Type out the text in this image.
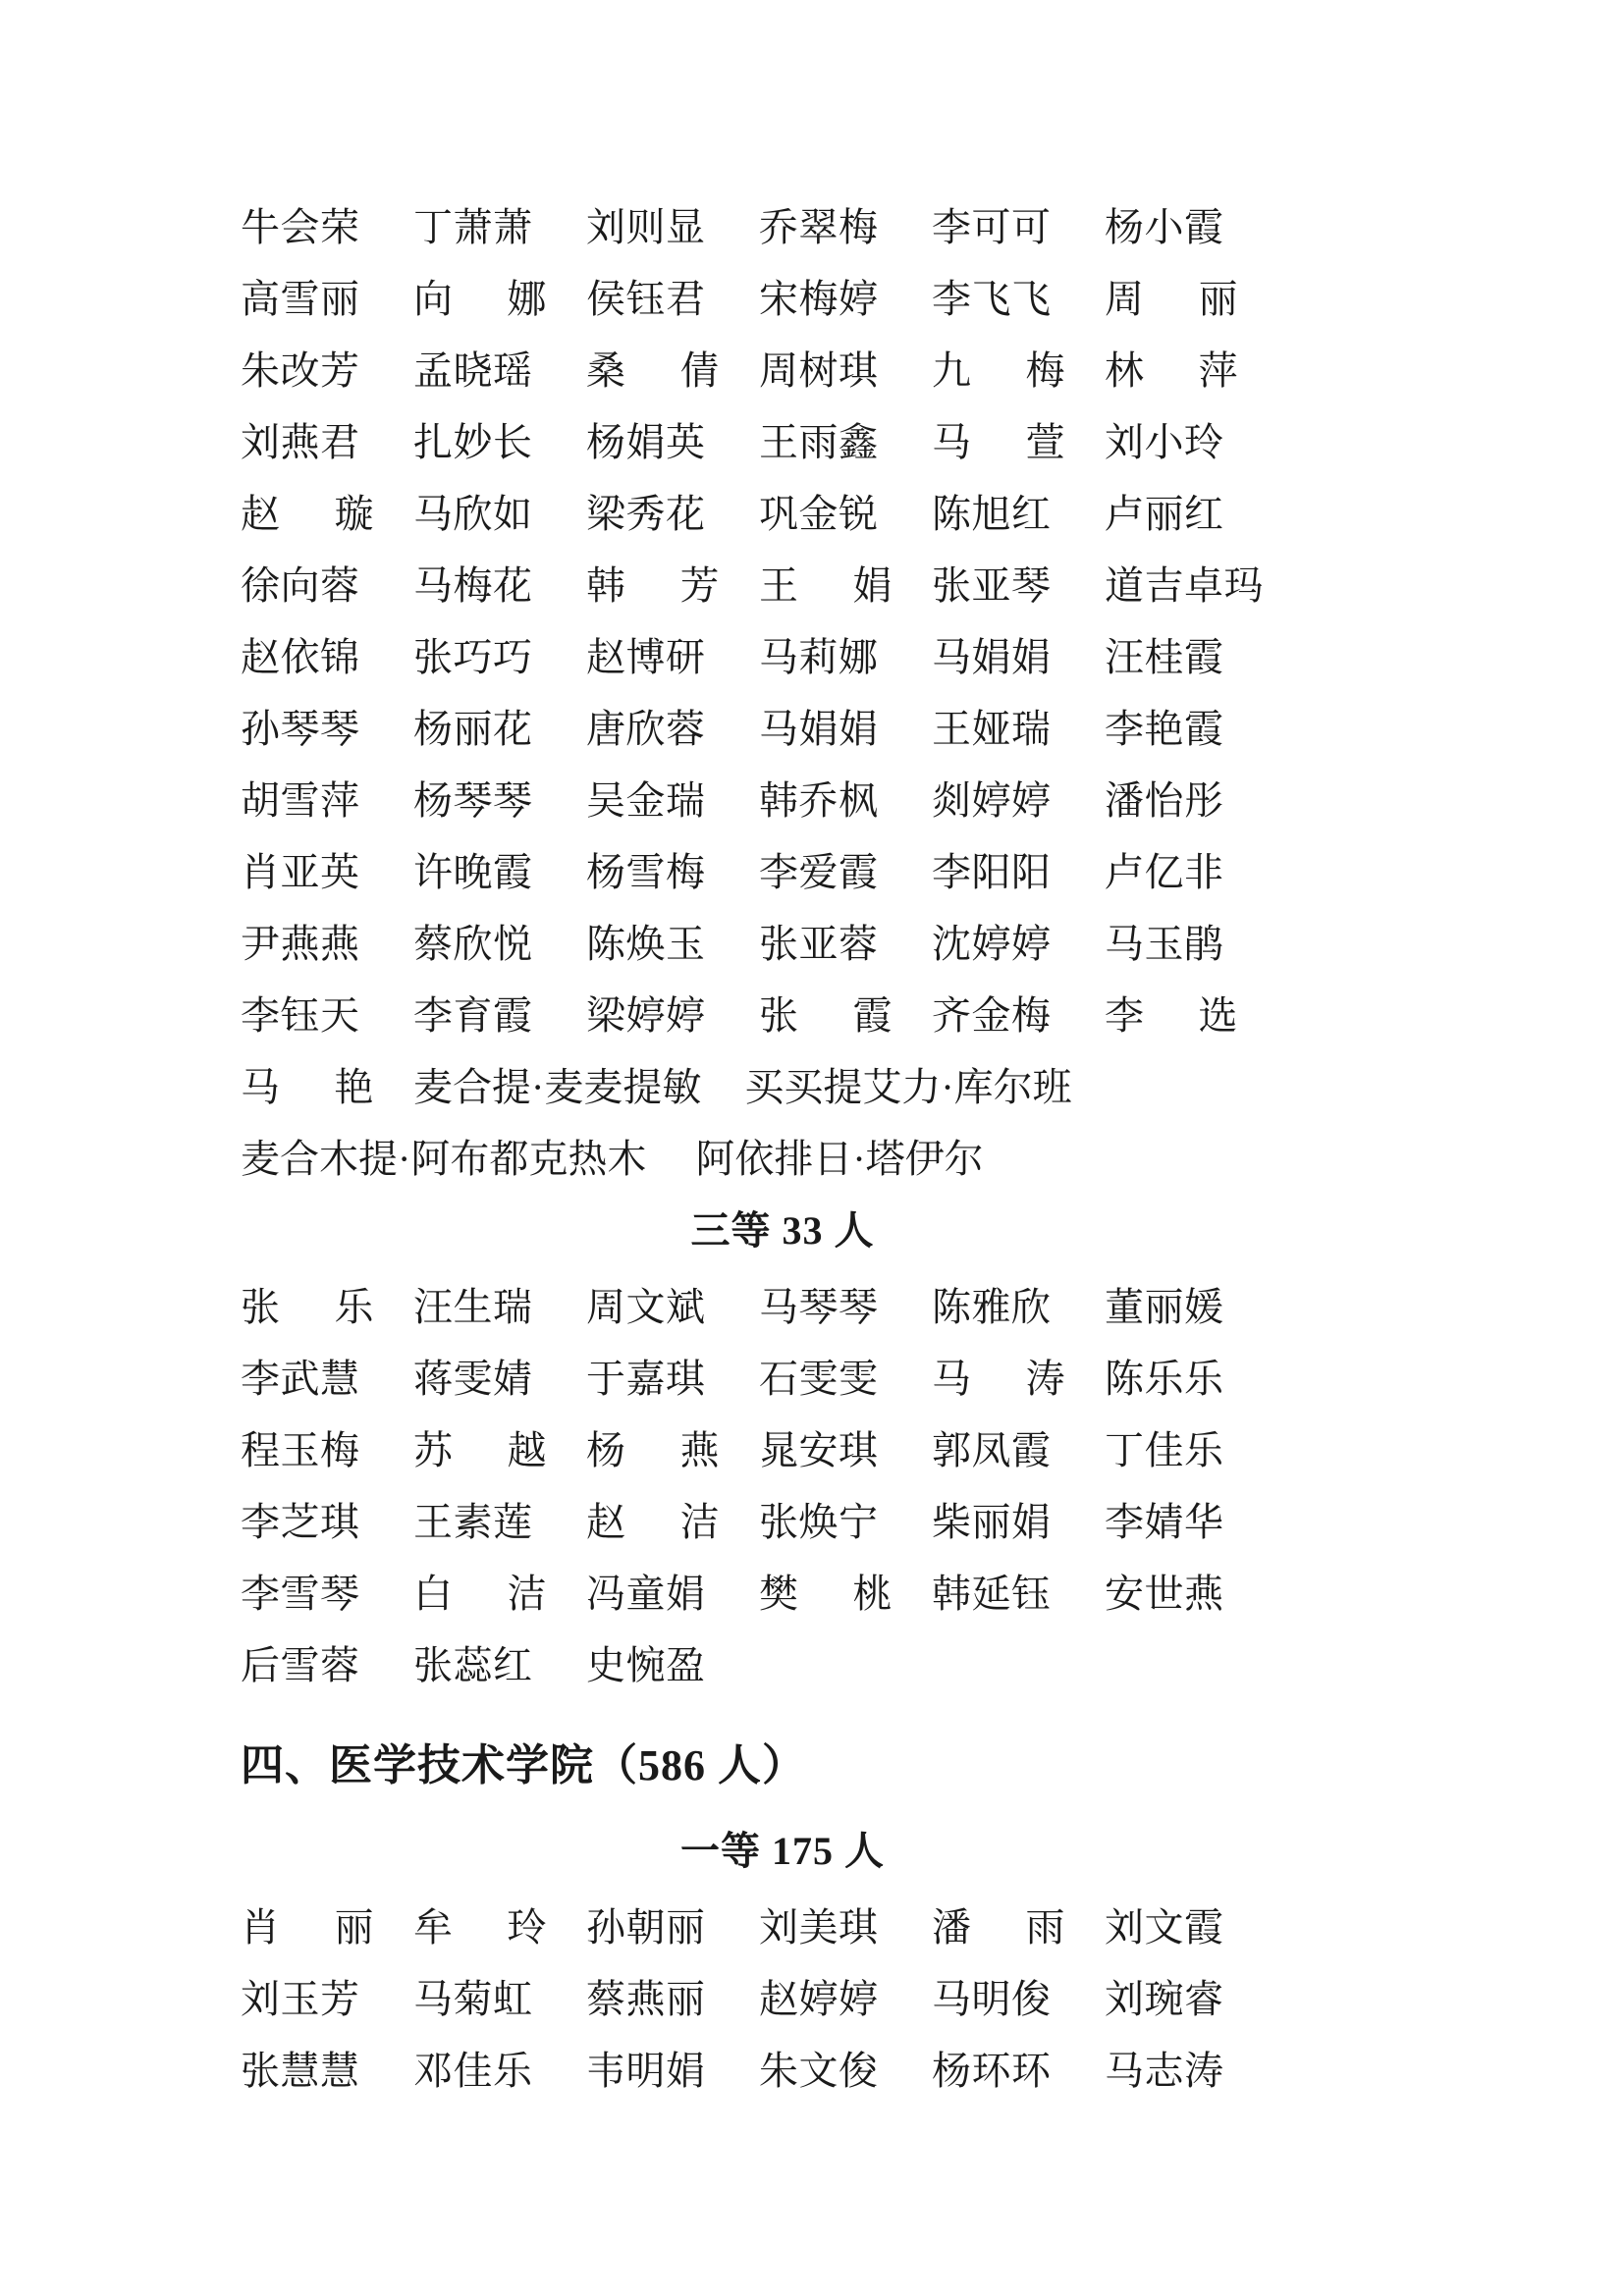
牛会荣	丁萧萧	刘则显	乔翠梅	李可可	杨小霞
高雪丽	向娜	侯钰君	宋梅婷	李飞飞	周丽
朱改芳	孟晓瑶	桑倩	周树琪	九梅	林萍
刘燕君	扎妙长	杨娟英	王雨鑫	马萱	刘小玲
赵璇	马欣如	梁秀花	巩金锐	陈旭红	卢丽红
徐向蓉	马梅花	韩芳	王娟	张亚琴	道吉卓玛
赵依锦	张巧巧	赵博研	马莉娜	马娟娟	汪桂霞
孙琴琴	杨丽花	唐欣蓉	马娟娟	王娅瑞	李艳霞
胡雪萍	杨琴琴	吴金瑞	韩乔枫	剡婷婷	潘怡彤
肖亚英	许晚霞	杨雪梅	李爱霞	李阳阳	卢亿非
尹燕燕	蔡欣悦	陈焕玉	张亚蓉	沈婷婷	马玉鹃
李钰天	李育霞	梁婷婷	张霞	齐金梅	李选
马艳	麦合提·麦麦提敏	买买提艾力·库尔班
麦合木提·阿布都克热木	阿依排日·塔伊尔
三等 33 人
张乐	汪生瑞	周文斌	马琴琴	陈雅欣	董丽媛
李武慧	蒋雯婧	于嘉琪	石雯雯	马涛	陈乐乐
程玉梅	苏越	杨燕	晁安琪	郭凤霞	丁佳乐
李芝琪	王素莲	赵洁	张焕宁	柴丽娟	李婧华
李雪琴	白洁	冯童娟	樊桃	韩延钰	安世燕
后雪蓉	张蕊红	史惋盈
四、医学技术学院（586 人）
一等 175 人
肖丽	牟玲	孙朝丽	刘美琪	潘雨	刘文霞
刘玉芳	马菊虹	蔡燕丽	赵婷婷	马明俊	刘琬睿
张慧慧	邓佳乐	韦明娟	朱文俊	杨环环	马志涛
